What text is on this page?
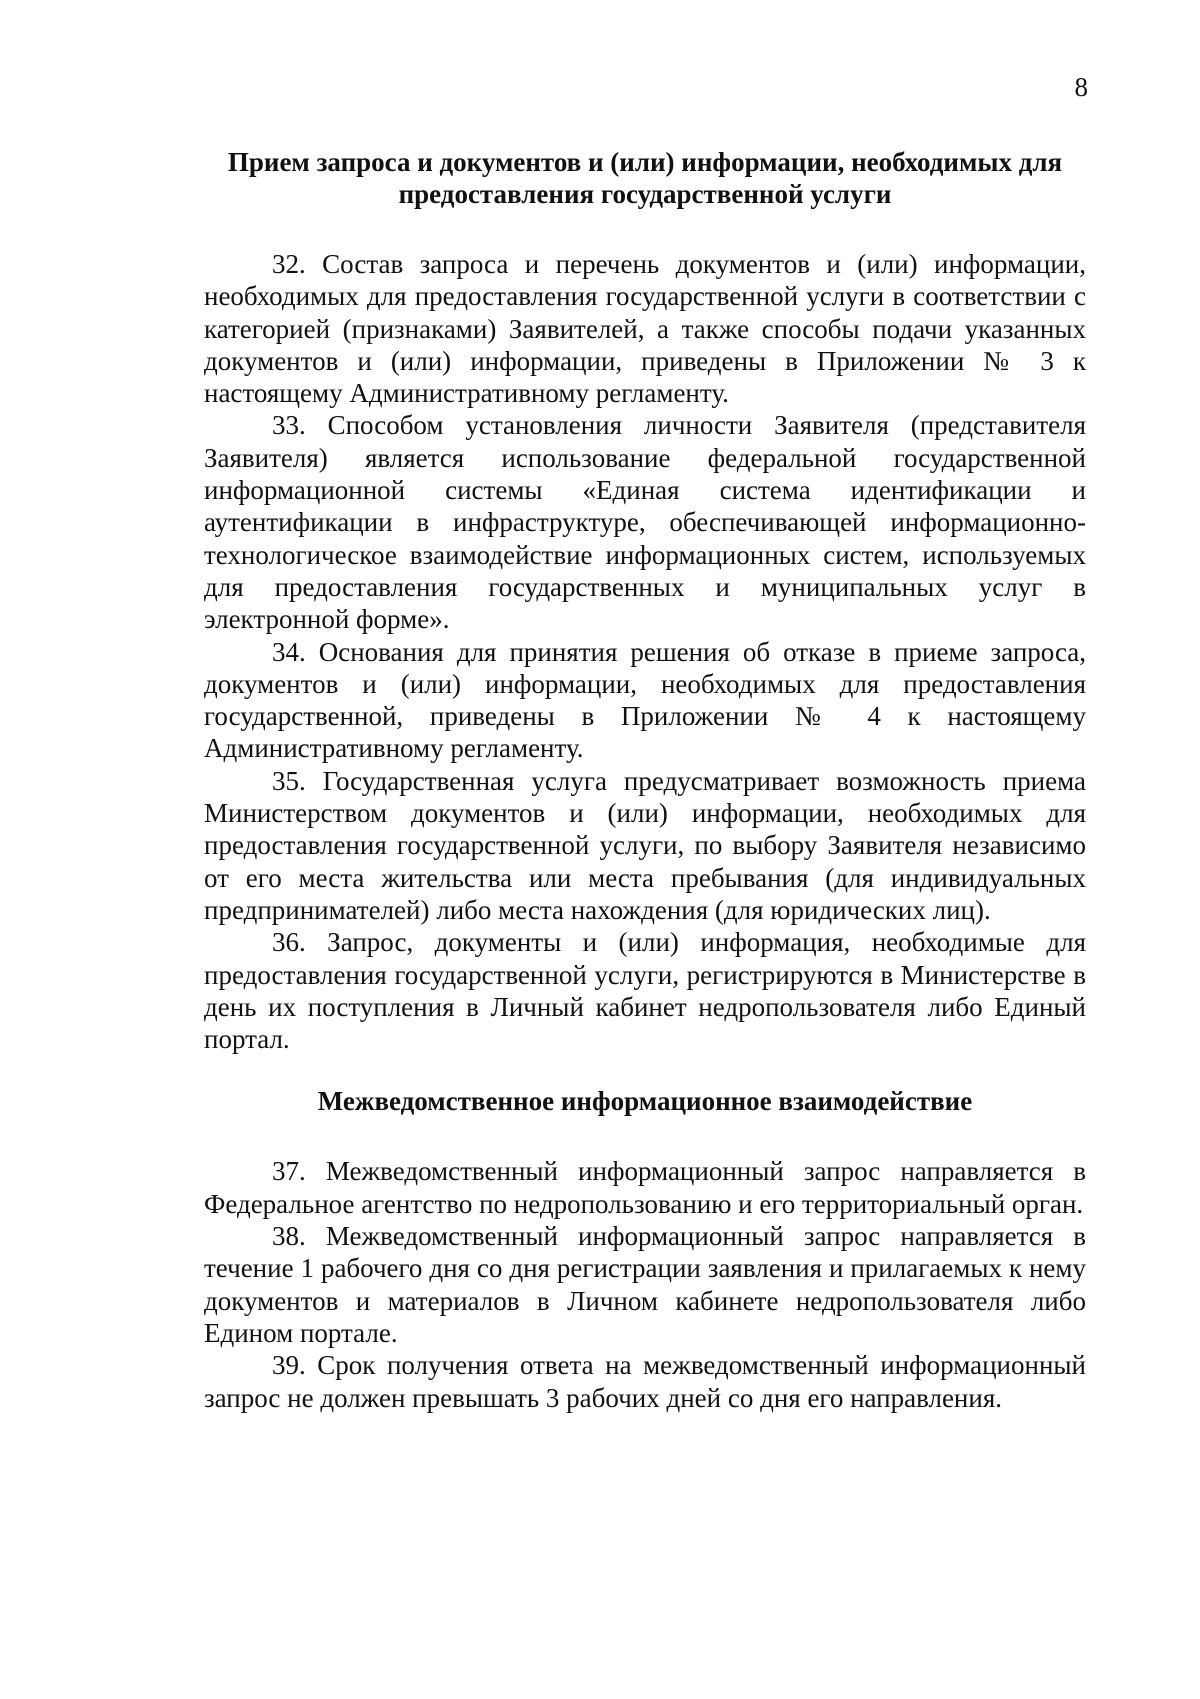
8
Прием запроса и документов и (или) информации, необходимых для предоставления государственной услуги

32. Состав запроса и перечень документов и (или) информации, необходимых для предоставления государственной услуги в соответствии с категорией (признаками) Заявителей, а также способы подачи указанных документов и (или) информации, приведены в Приложении № 3 к настоящему Административному регламенту.

33. Способом установления личности Заявителя (представителя Заявителя) является использование федеральной государственной информационной системы «Единая система идентификации и аутентификации в инфраструктуре, обеспечивающей информационно-технологическое взаимодействие информационных систем, используемых для предоставления государственных и муниципальных услуг в электронной форме».

34. Основания для принятия решения об отказе в приеме запроса, документов и (или) информации, необходимых для предоставления государственной, приведены в Приложении № 4 к настоящему Административному регламенту.

35. Государственная услуга предусматривает возможность приема Министерством документов и (или) информации, необходимых для предоставления государственной услуги, по выбору Заявителя независимо от его места жительства или места пребывания (для индивидуальных предпринимателей) либо места нахождения (для юридических лиц).

36. Запрос, документы и (или) информация, необходимые для предоставления государственной услуги, регистрируются в Министерстве в день их поступления в Личный кабинет недропользователя либо Единый портал.

Межведомственное информационное взаимодействие

37. Межведомственный информационный запрос направляется в Федеральное агентство по недропользованию и его территориальный орган.

38. Межведомственный информационный запрос направляется в течение 1 рабочего дня со дня регистрации заявления и прилагаемых к нему документов и материалов в Личном кабинете недропользователя либо Едином портале.

39. Срок получения ответа на межведомственный информационный запрос не должен превышать 3 рабочих дней со дня его направления.
